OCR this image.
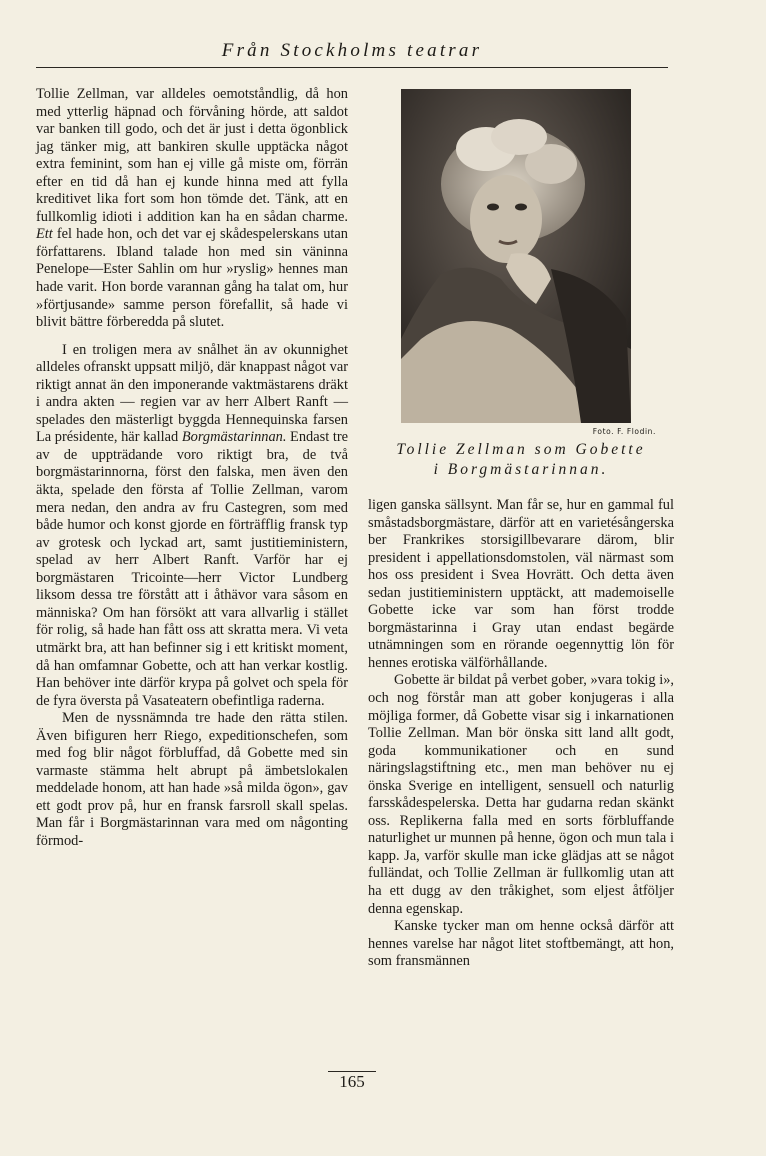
Från Stockholms teatrar

Tollie Zellman, var alldeles oemotståndlig, då hon med ytterlig häpnad och förvåning hörde, att saldot var banken till godo, och det är just i detta ögonblick jag tänker mig, att bankiren skulle upptäcka något extra feminint, som han ej ville gå miste om, förrän efter en tid då han ej kunde hinna med att fylla kreditivet lika fort som hon tömde det. Tänk, att en fullkomlig idioti i addition kan ha en sådan charme. Ett fel hade hon, och det var ej skådespelerskans utan författarens. Ibland talade hon med sin väninna Penelope—Ester Sahlin om hur »ryslig» hennes man hade varit. Hon borde varannan gång ha talat om, hur »förtjusande» samme person förefallit, så hade vi blivit bättre förberedda på slutet.

I en troligen mera av snålhet än av okunnighet alldeles ofranskt uppsatt miljö, där knappast något var riktigt annat än den imponerande vaktmästarens dräkt i andra akten — regien var av herr Albert Ranft — spelades den mästerligt byggda Hennequinska farsen La présidente, här kallad Borgmästarinnan. Endast tre av de uppträdande voro riktigt bra, de två borgmästarinnorna, först den falska, men även den äkta, spelade den första af Tollie Zellman, varom mera nedan, den andra av fru Castegren, som med både humor och konst gjorde en förträfflig fransk typ av grotesk och lyckad art, samt justitieministern, spelad av herr Albert Ranft. Varför har ej borgmästaren Tricointe—herr Victor Lundberg liksom dessa tre förstått att i åthävor vara såsom en människa? Om han försökt att vara allvarlig i stället för rolig, så hade han fått oss att skratta mera. Vi veta utmärkt bra, att han befinner sig i ett kritiskt moment, då han omfamnar Gobette, och att han verkar kostlig. Han behöver inte därför krypa på golvet och spela för de fyra översta på Vasateatern obefintliga raderna.

Men de nyssnämnda tre hade den rätta stilen. Även bifiguren herr Riego, expeditionschefen, som med fog blir något förbluffad, då Gobette med sin varmaste stämma helt abrupt på ämbetslokalen meddelade honom, att han hade »så milda ögon», gav ett godt prov på, hur en fransk farsroll skall spelas. Man får i Borgmästarinnan vara med om någonting förmod-

Foto. F. Flodin.
Tollie Zellman som Gobette
i Borgmästarinnan.

ligen ganska sällsynt. Man får se, hur en gammal ful småstadsborgmästare, därför att en varietésångerska ber Frankrikes storsigillbevarare därom, blir president i appellationsdomstolen, väl närmast som hos oss president i Svea Hovrätt. Och detta även sedan justitieministern upptäckt, att mademoiselle Gobette icke var som han först trodde borgmästarinna i Gray utan endast begärde utnämningen som en rörande oegennyttig lön för hennes erotiska välförhållande.

Gobette är bildat på verbet gober, »vara tokig i», och nog förstår man att gober konjugeras i alla möjliga former, då Gobette visar sig i inkarnationen Tollie Zellman. Man bör önska sitt land allt godt, goda kommunikationer och en sund näringslagstiftning etc., men man behöver nu ej önska Sverige en intelligent, sensuell och naturlig farsskådespelerska. Detta har gudarna redan skänkt oss. Replikerna falla med en sorts förbluffande naturlighet ur munnen på henne, ögon och mun tala i kapp. Ja, varför skulle man icke glädjas att se något fulländat, och Tollie Zellman är fullkomlig utan att ha ett dugg av den tråkighet, som eljest åtföljer denna egenskap.

Kanske tycker man om henne också därför att hennes varelse har något litet stoftbemängt, att hon, som fransmännen

165
